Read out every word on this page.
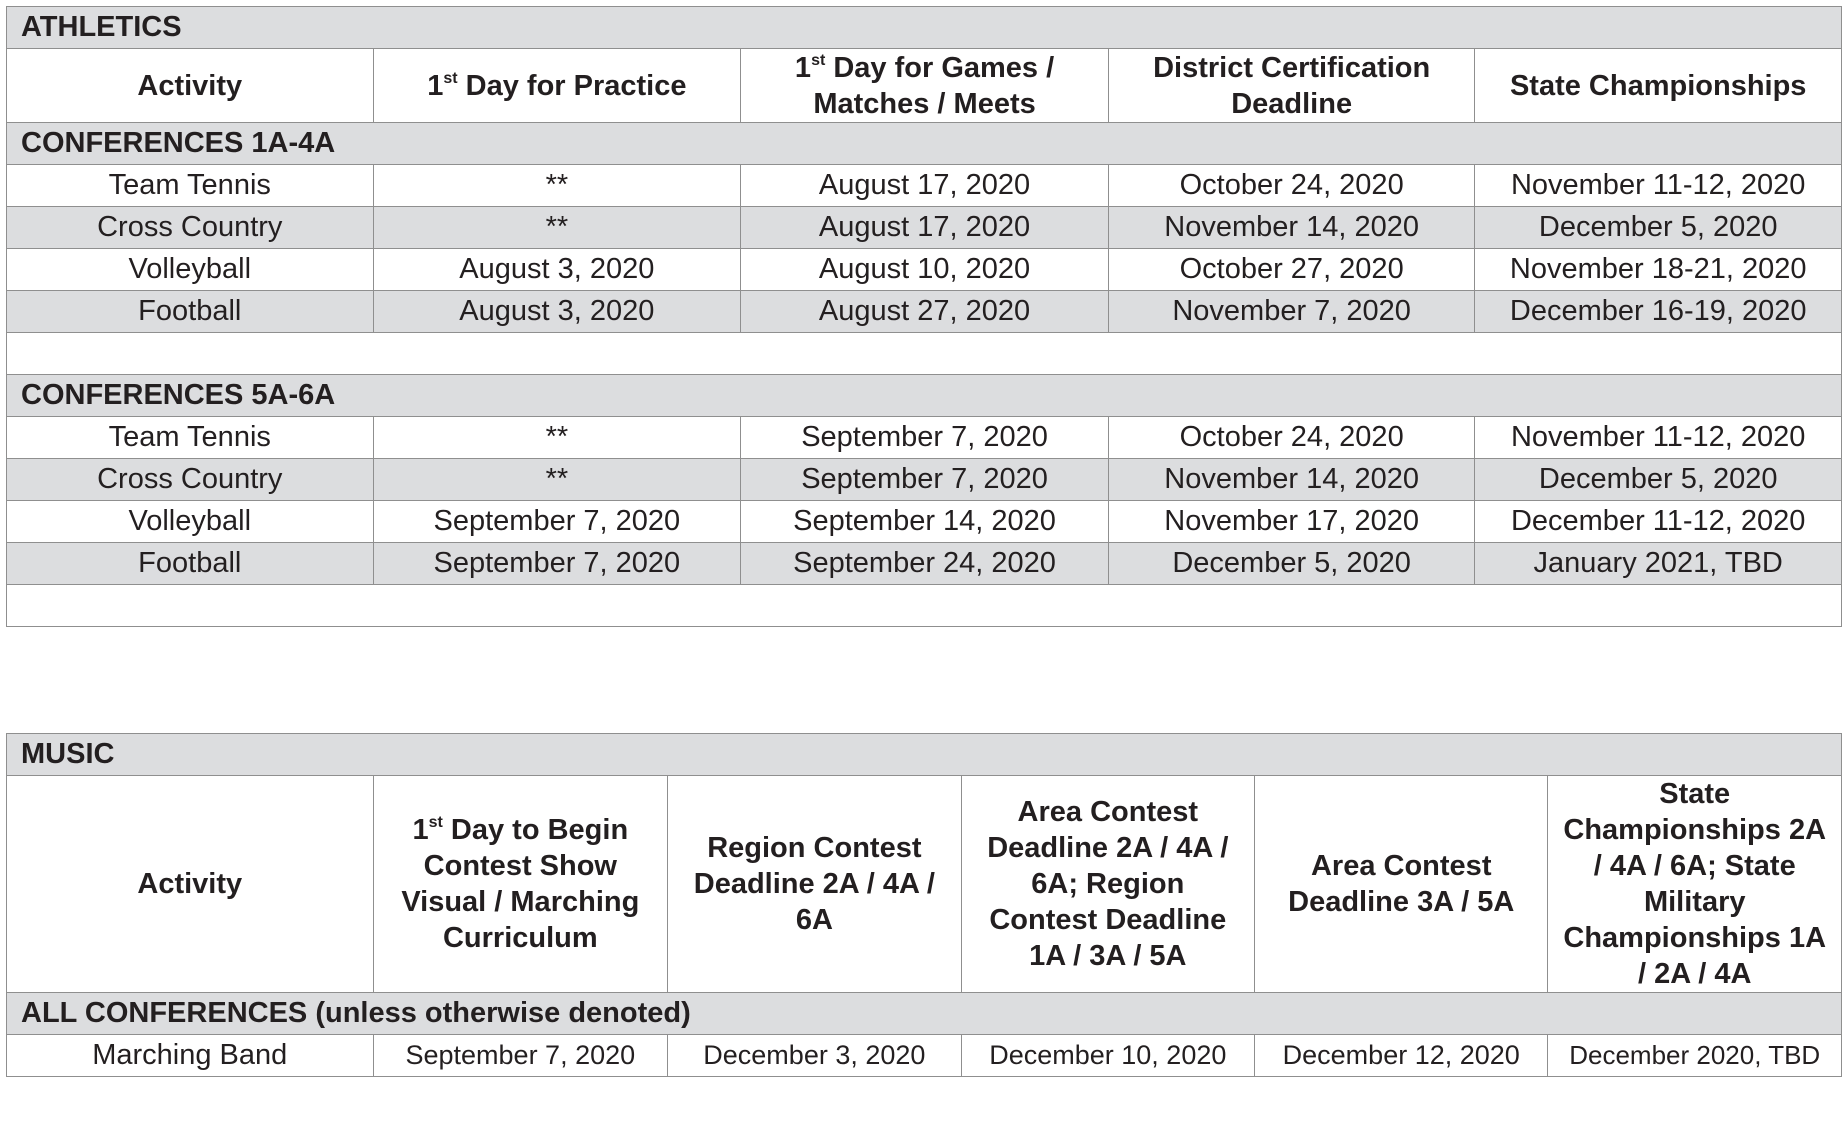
ATHLETICS				
Activity	1st Day for Practice	1st Day for Games / Matches / Meets	District Certification Deadline	State Championships
CONFERENCES 1A-4A				
Team Tennis	**	August 17, 2020	October 24, 2020	November 11-12, 2020
Cross Country	**	August 17, 2020	November 14, 2020	December 5, 2020
Volleyball	August 3, 2020	August 10, 2020	October 27, 2020	November 18-21, 2020
Football	August 3, 2020	August 27, 2020	November 7, 2020	December 16-19, 2020

CONFERENCES 5A-6A				
Team Tennis	**	September 7, 2020	October 24, 2020	November 11-12, 2020
Cross Country	**	September 7, 2020	November 14, 2020	December 5, 2020
Volleyball	September 7, 2020	September 14, 2020	November 17, 2020	December 11-12, 2020
Football	September 7, 2020	September 24, 2020	December 5, 2020	January 2021, TBD

MUSIC					
Activity	1st Day to Begin Contest Show Visual / Marching Curriculum	Region Contest Deadline 2A / 4A / 6A	Area Contest Deadline 2A / 4A / 6A; Region Contest Deadline 1A / 3A / 5A	Area Contest Deadline 3A / 5A	State Championships 2A / 4A / 6A; State Military Championships 1A / 2A / 4A
ALL CONFERENCES (unless otherwise denoted)					
Marching Band	September 7, 2020	December 3, 2020	December 10, 2020	December 12, 2020	December 2020, TBD
